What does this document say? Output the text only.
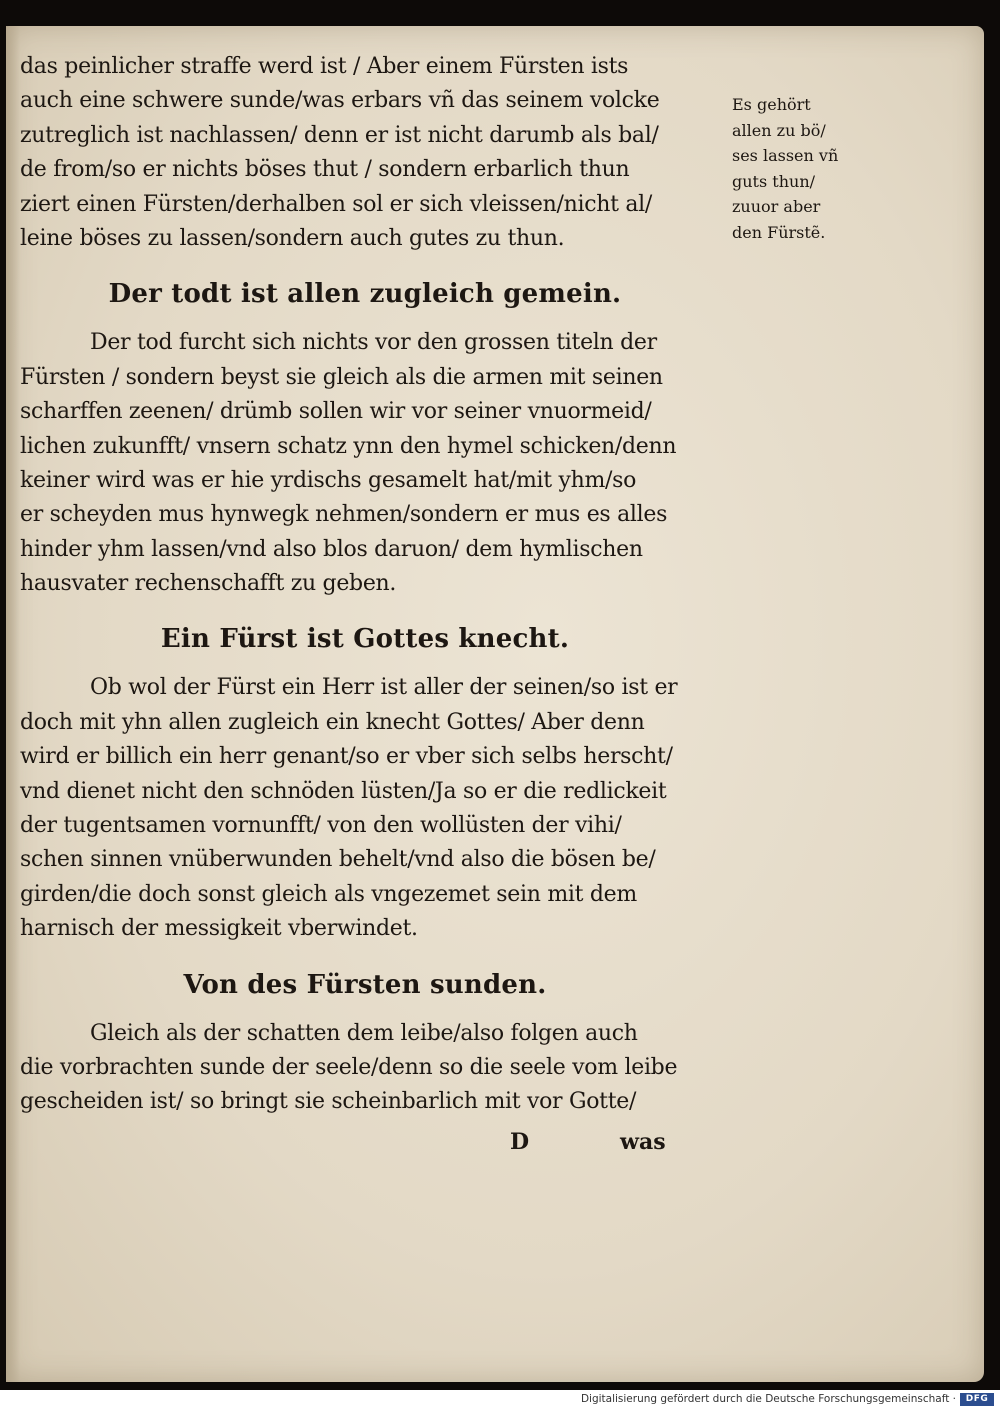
das peinlicher straffe werd ist / Aber einem Fürsten ists
auch eine schwere sunde/was erbars vñ das seinem volcke
zutreglich ist nachlassen/ denn er ist nicht darumb als bal/
de from/so er nichts böses thut / sondern erbarlich thun
ziert einen Fürsten/derhalben sol er sich vleissen/nicht al/
leine böses zu lassen/sondern auch gutes zu thun.
Der todt ist allen zugleich gemein.
Der tod furcht sich nichts vor den grossen titeln der
Fürsten / sondern beyst sie gleich als die armen mit seinen
scharffen zeenen/ drümb sollen wir vor seiner vnuormeid/
lichen zukunfft/ vnsern schatz ynn den hymel schicken/denn
keiner wird was er hie yrdischs gesamelt hat/mit yhm/so
er scheyden mus hynwegk nehmen/sondern er mus es alles
hinder yhm lassen/vnd also blos daruon/ dem hymlischen
hausvater rechenschafft zu geben.
Ein Fürst ist Gottes knecht.
Ob wol der Fürst ein Herr ist aller der seinen/so ist er
doch mit yhn allen zugleich ein knecht Gottes/ Aber denn
wird er billich ein herr genant/so er vber sich selbs herscht/
vnd dienet nicht den schnöden lüsten/Ja so er die redlickeit
der tugentsamen vornunfft/ von den wollüsten der vihi/
schen sinnen vnüberwunden behelt/vnd also die bösen be/
girden/die doch sonst gleich als vngezemet sein mit dem
harnisch der messigkeit vberwindet.
Von des Fürsten sunden.
Gleich als der schatten dem leibe/also folgen auch
die vorbrachten sunde der seele/denn so die seele vom leibe
gescheiden ist/ so bringt sie scheinbarlich mit vor Gotte/
D	was
Es gehört
allen zu bö/
ses lassen vñ
guts thun/
zuuor aber
den Fürstẽ.
Digitalisierung gefördert durch die Deutsche Forschungsgemeinschaft ·	DFG
